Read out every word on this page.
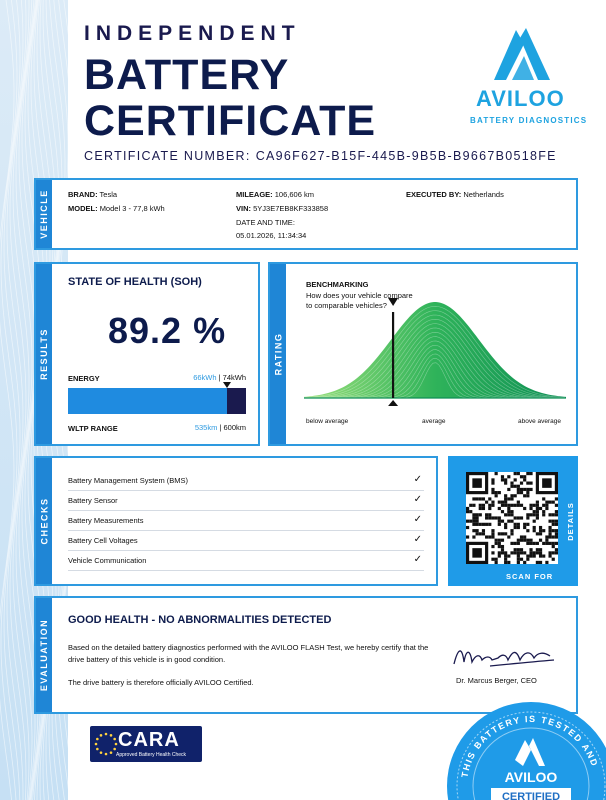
INDEPENDENT
BATTERY
CERTIFICATE	AVILOO
BATTERY DIAGNOSTICS
CERTIFICATE NUMBER: CA96F627-B15F-445B-9B5B-B9667B0518FE
VEHICLE	BRAND: Tesla
MODEL: Model 3 - 77,8 kWh
MILEAGE: 106,606 km
VIN: 5YJ3E7EB8KF333858
DATE AND TIME:
05.01.2026, 11:34:34
EXECUTED BY: Netherlands
RESULTS
STATE OF HEALTH (SOH)
89.2 %
ENERGY	66kWh | 74kWh
WLTP RANGE	535km | 600km
RATING
BENCHMARKING
How does your vehicle compare to comparable vehicles?
below average	average	above average
CHECKS
Battery Management System (BMS)	✓
Battery Sensor	✓
Battery Measurements	✓
Battery Cell Voltages	✓
Vehicle Communication	✓
SCAN FOR
DETAILS
EVALUATION GOOD HEALTH - NO ABNORMALITIES DETECTED
Based on the detailed battery diagnostics performed with the AVILOO FLASH Test, we hereby certify that the drive battery of this vehicle is in good condition.
The drive battery is therefore officially AVILOO Certified.	Dr. Marcus Berger, CEO
CARA
Approved Battery Health Check
THIS BATTERY IS TESTED AND
AVILOO
CERTIFIED
